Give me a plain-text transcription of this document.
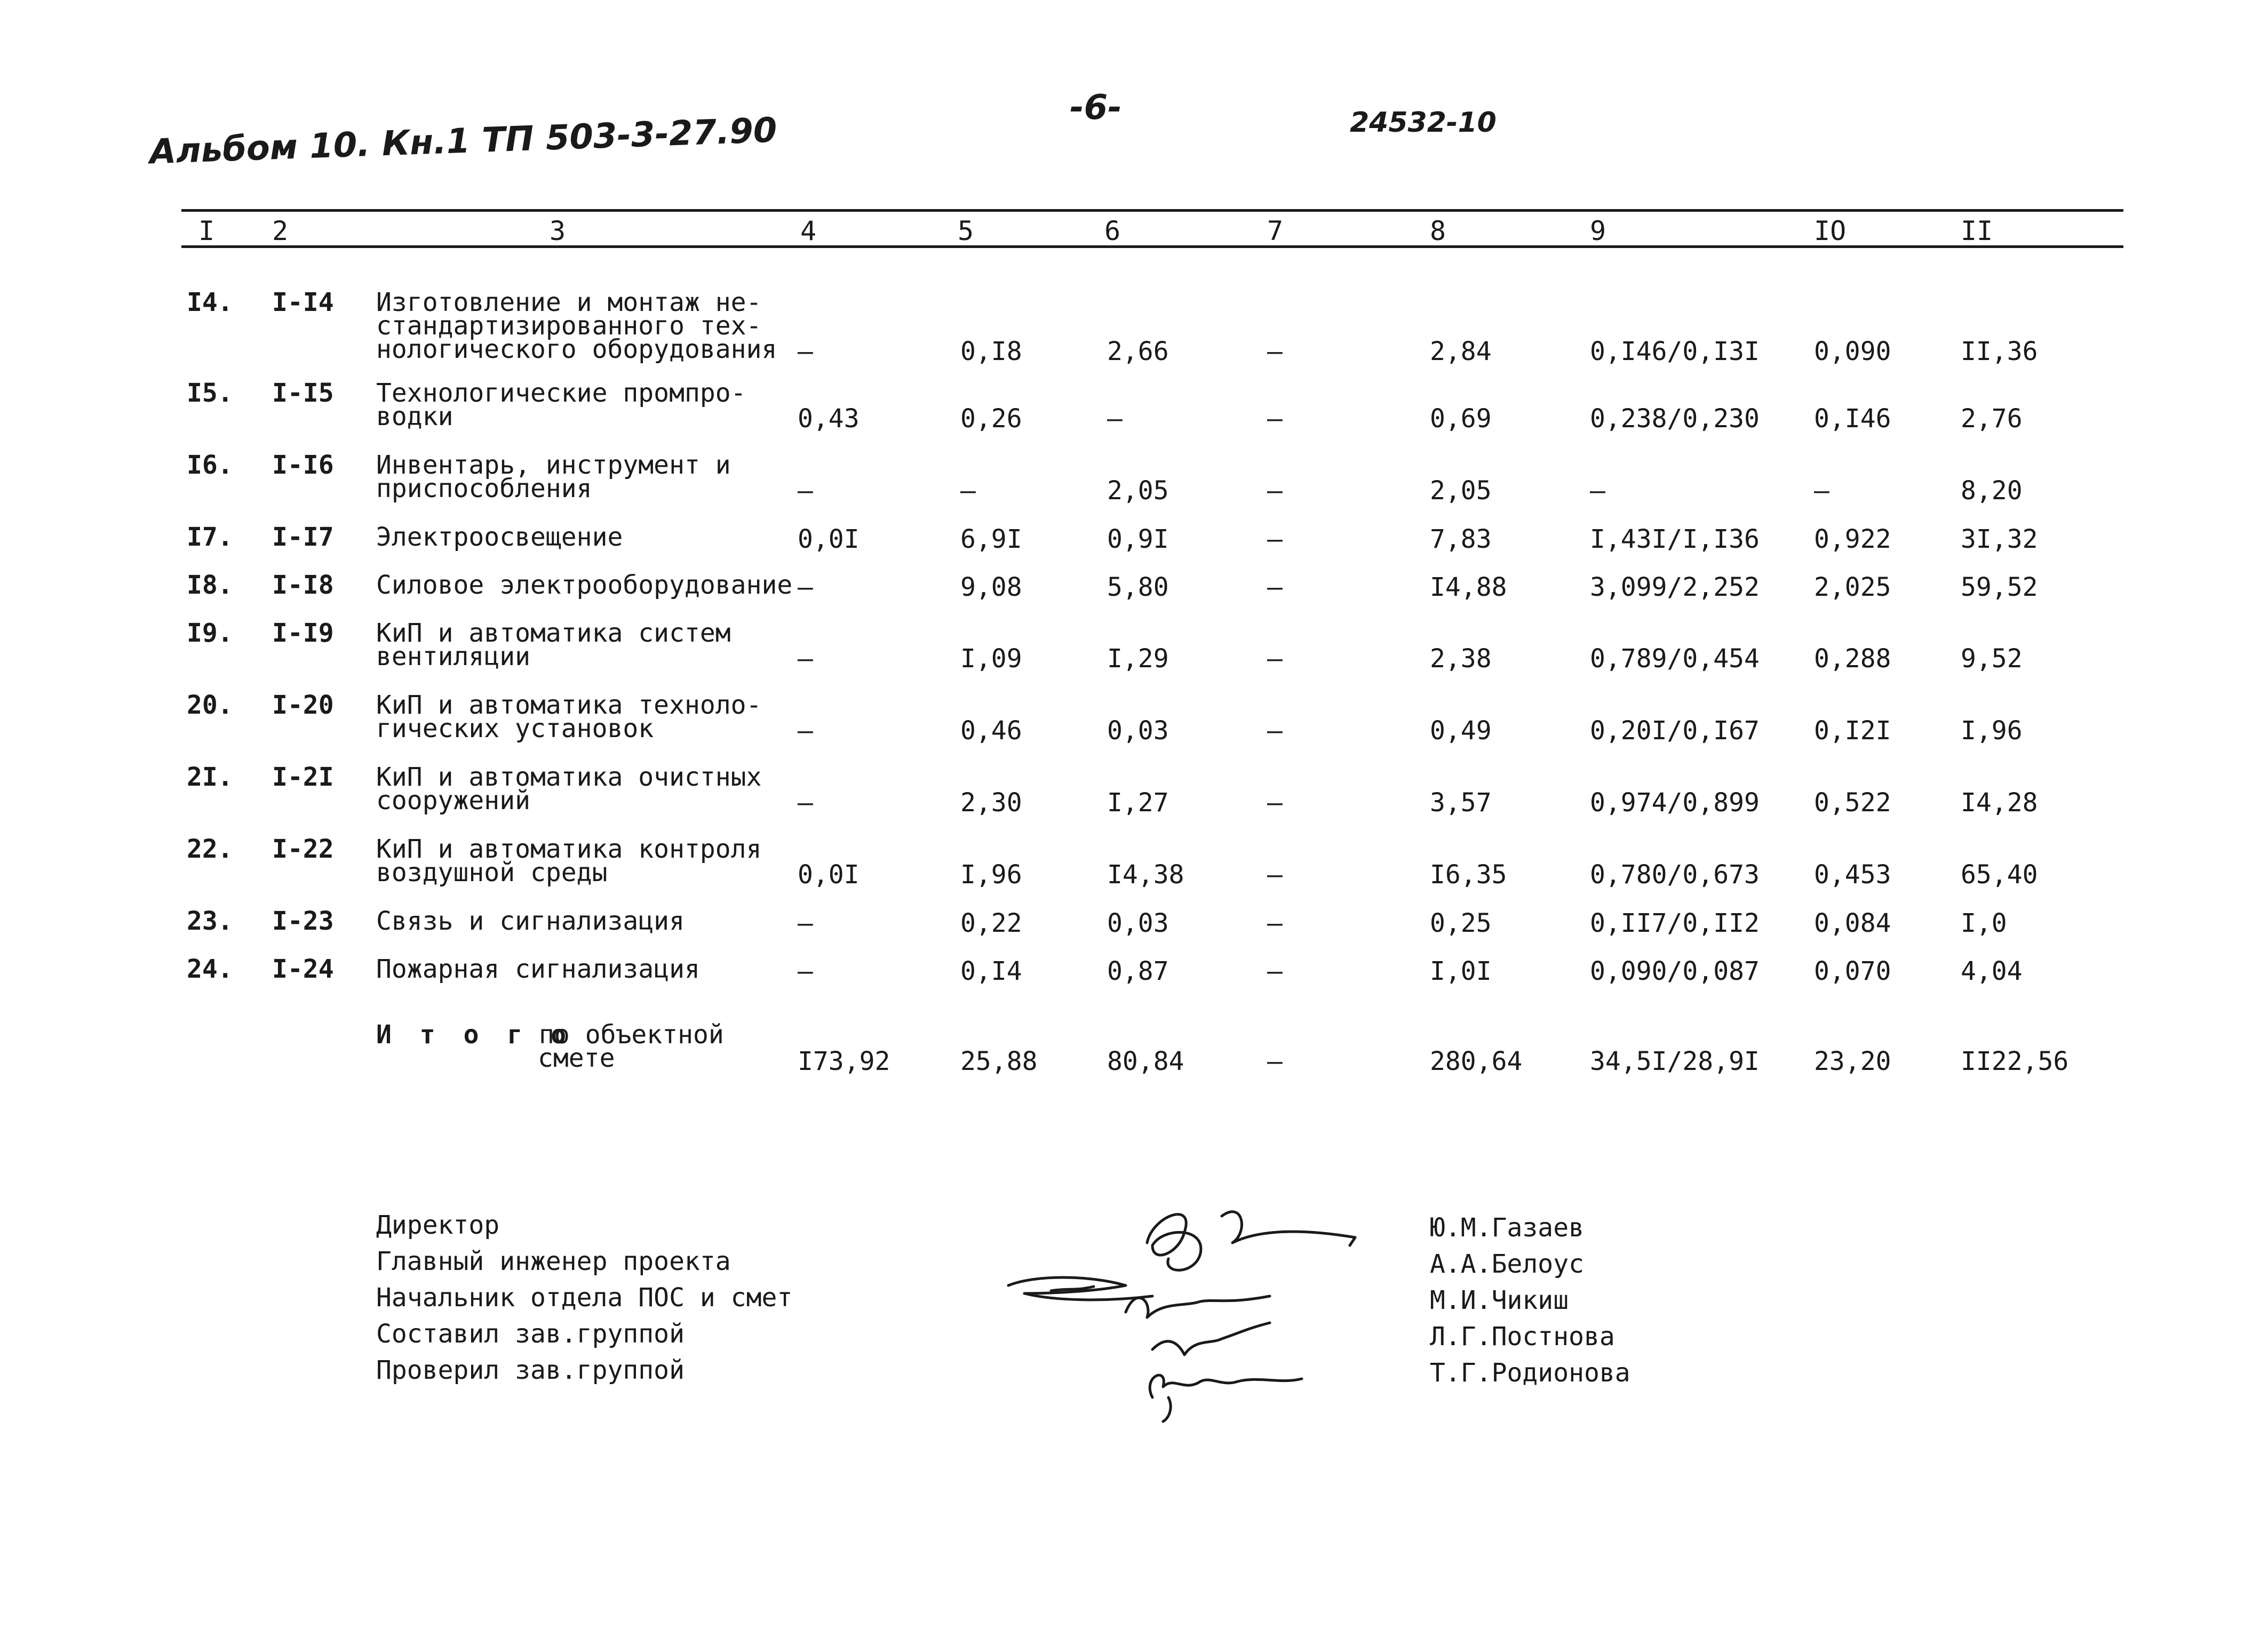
Альбом 10. Кн.1 ТП 503-3-27.90
-6-	24532-10
I 2	3	4	5	6	7	8	9	IO	II
I4. I-I4 Изготовление и монтаж не-
стандартизированного тех-
нологического оборудования –	0,I8	2,66	–	2,84	0,I46/0,I3I 0,090	II,36
I5. I-I5 Технологические промпро-
водки	0,43	0,26	–	–	0,69	0,238/0,230 0,I46	2,76
I6. I-I6 Инвентарь, инструмент и
приспособления	–	–	2,05	–	2,05	–	–	8,20
I7. I-I7 Электроосвещение	0,0I	6,9I	0,9I	–	7,83	I,43I/I,I36 0,922	3I,32
I8. I-I8 Силовое электрооборудование –	9,08	5,80	–	I4,88	3,099/2,252 2,025	59,52
I9. I-I9 КиП и автоматика систем
вентиляции	–	I,09	I,29	–	2,38	0,789/0,454 0,288	9,52
20. I-20 КиП и автоматика техноло-
гических установок	–	0,46	0,03	–	0,49	0,20I/0,I67 0,I2I	I,96
2I. I-2I КиП и автоматика очистных
сооружений	–	2,30	I,27	–	3,57	0,974/0,899 0,522	I4,28
22. I-22 КиП и автоматика контроля
воздушной среды	0,0I	I,96	I4,38	–	I6,35	0,780/0,673 0,453	65,40
23. I-23 Связь и сигнализация	–	0,22	0,03	–	0,25	0,II7/0,II2 0,084	I,0
24. I-24 Пожарная сигнализация	–	0,I4	0,87	–	I,0I	0,090/0,087 0,070	4,04
И т о г о
по объектной
смете	I73,92	25,88	80,84	–	280,64	34,5I/28,9I 23,20	II22,56
Директор
Главный инженер проекта
Начальник отдела ПОС и смет
Составил зав.группой
Проверил зав.группой
Ю.М.Газаев
А.А.Белоус
М.И.Чикиш
Л.Г.Постнова
Т.Г.Родионова
